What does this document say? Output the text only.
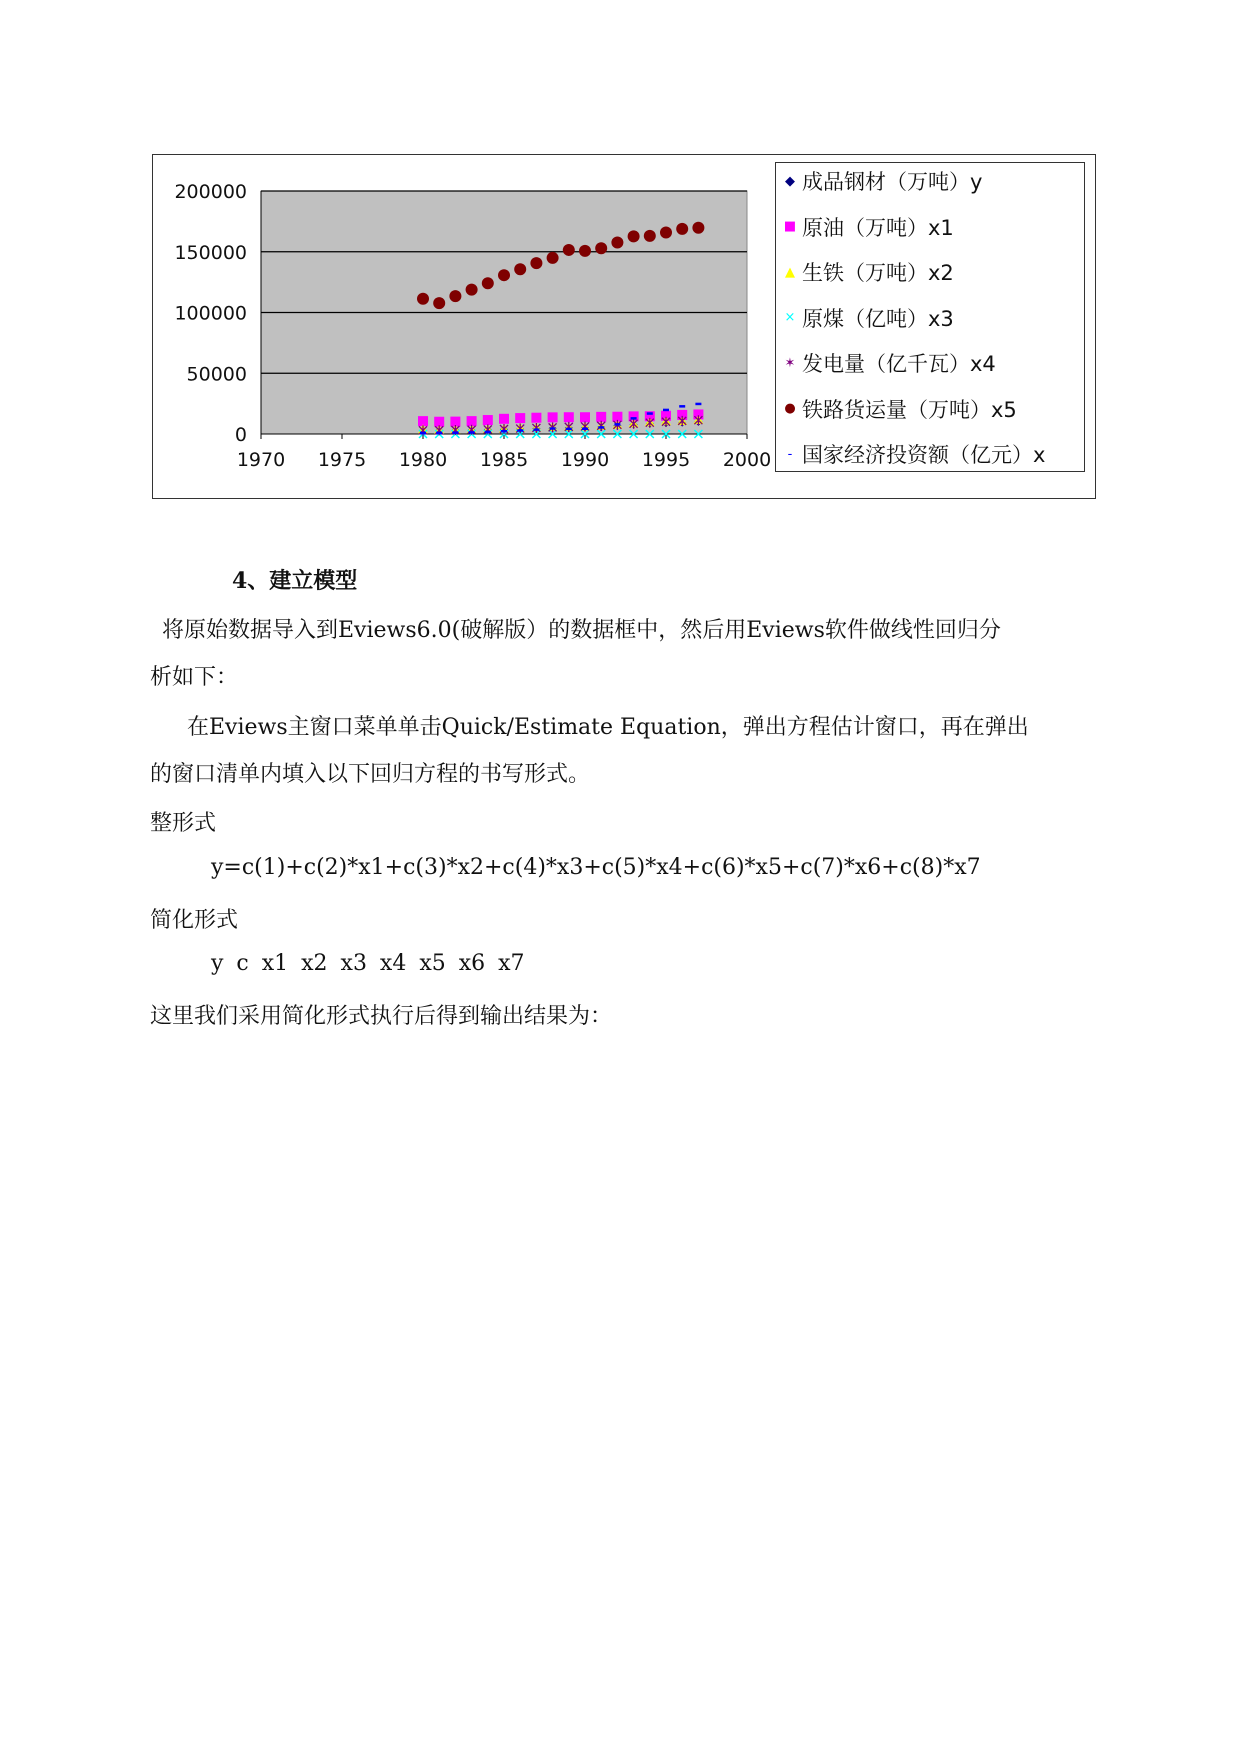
200000
150000
100000
50000
0
1970 1975 1980 1985 1990 1995 2000
◆ 成品钢材（万吨）y
■ 原油（万吨）x1
▲ 生铁（万吨）x2
× 原煤（亿吨）x3
✶ 发电量（亿千瓦）x4
● 铁路货运量（万吨）x5
- 国家经济投资额（亿元）x
4、建立模型
将原始数据导入到Eviews6.0(破解版）的数据框中，然后用Eviews软件做线性回归分
析如下：
在Eviews主窗口菜单单击Quick/Estimate Equation，弹出方程估计窗口，再在弹出
的窗口清单内填入以下回归方程的书写形式。
整形式
y=c(1)+c(2)*x1+c(3)*x2+c(4)*x3+c(5)*x4+c(6)*x5+c(7)*x6+c(8)*x7
简化形式
y c x1 x2 x3 x4 x5 x6 x7
这里我们采用简化形式执行后得到输出结果为：
